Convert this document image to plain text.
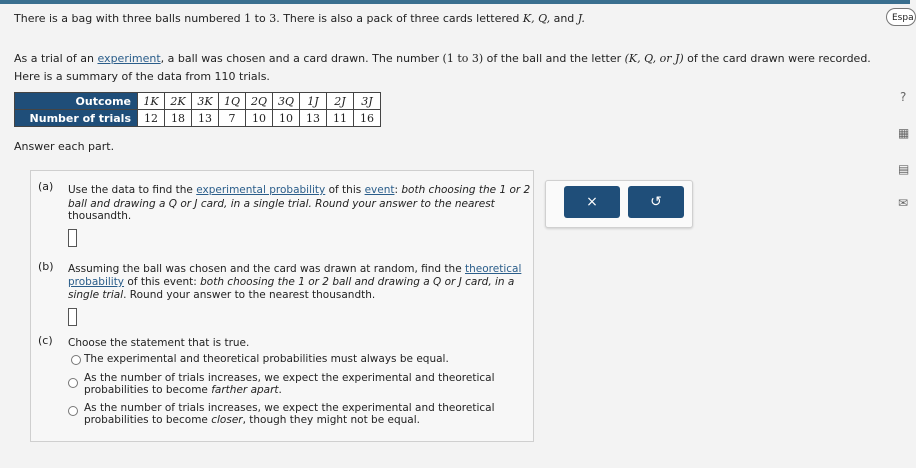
There is a bag with three balls numbered 1 to 3. There is also a pack of three cards lettered K, Q, and J.
As a trial of an experiment, a ball was chosen and a card drawn. The number (1 to 3) of the ball and the letter (K, Q, or J) of the card drawn were recorded.
Here is a summary of the data from 110 trials.
Outcome	1K	2K	3K	1Q	2Q	3Q	1J	2J	3J
Number of trials	12	18	13	7	10	10	13	11	16
Answer each part.
(a) Use the data to find the experimental probability of this event: both choosing the 1 or 2
ball and drawing a Q or J card, in a single trial. Round your answer to the nearest
thousandth.
(b) Assuming the ball was chosen and the card was drawn at random, find the theoretical
probability of this event: both choosing the 1 or 2 ball and drawing a Q or J card, in a
single trial. Round your answer to the nearest thousandth.
(c) Choose the statement that is true.
The experimental and theoretical probabilities must always be equal.
As the number of trials increases, we expect the experimental and theoretical
probabilities to become farther apart.
As the number of trials increases, we expect the experimental and theoretical
probabilities to become closer, though they might not be equal.
×	↺
Espa
?
▦
▤
✉
